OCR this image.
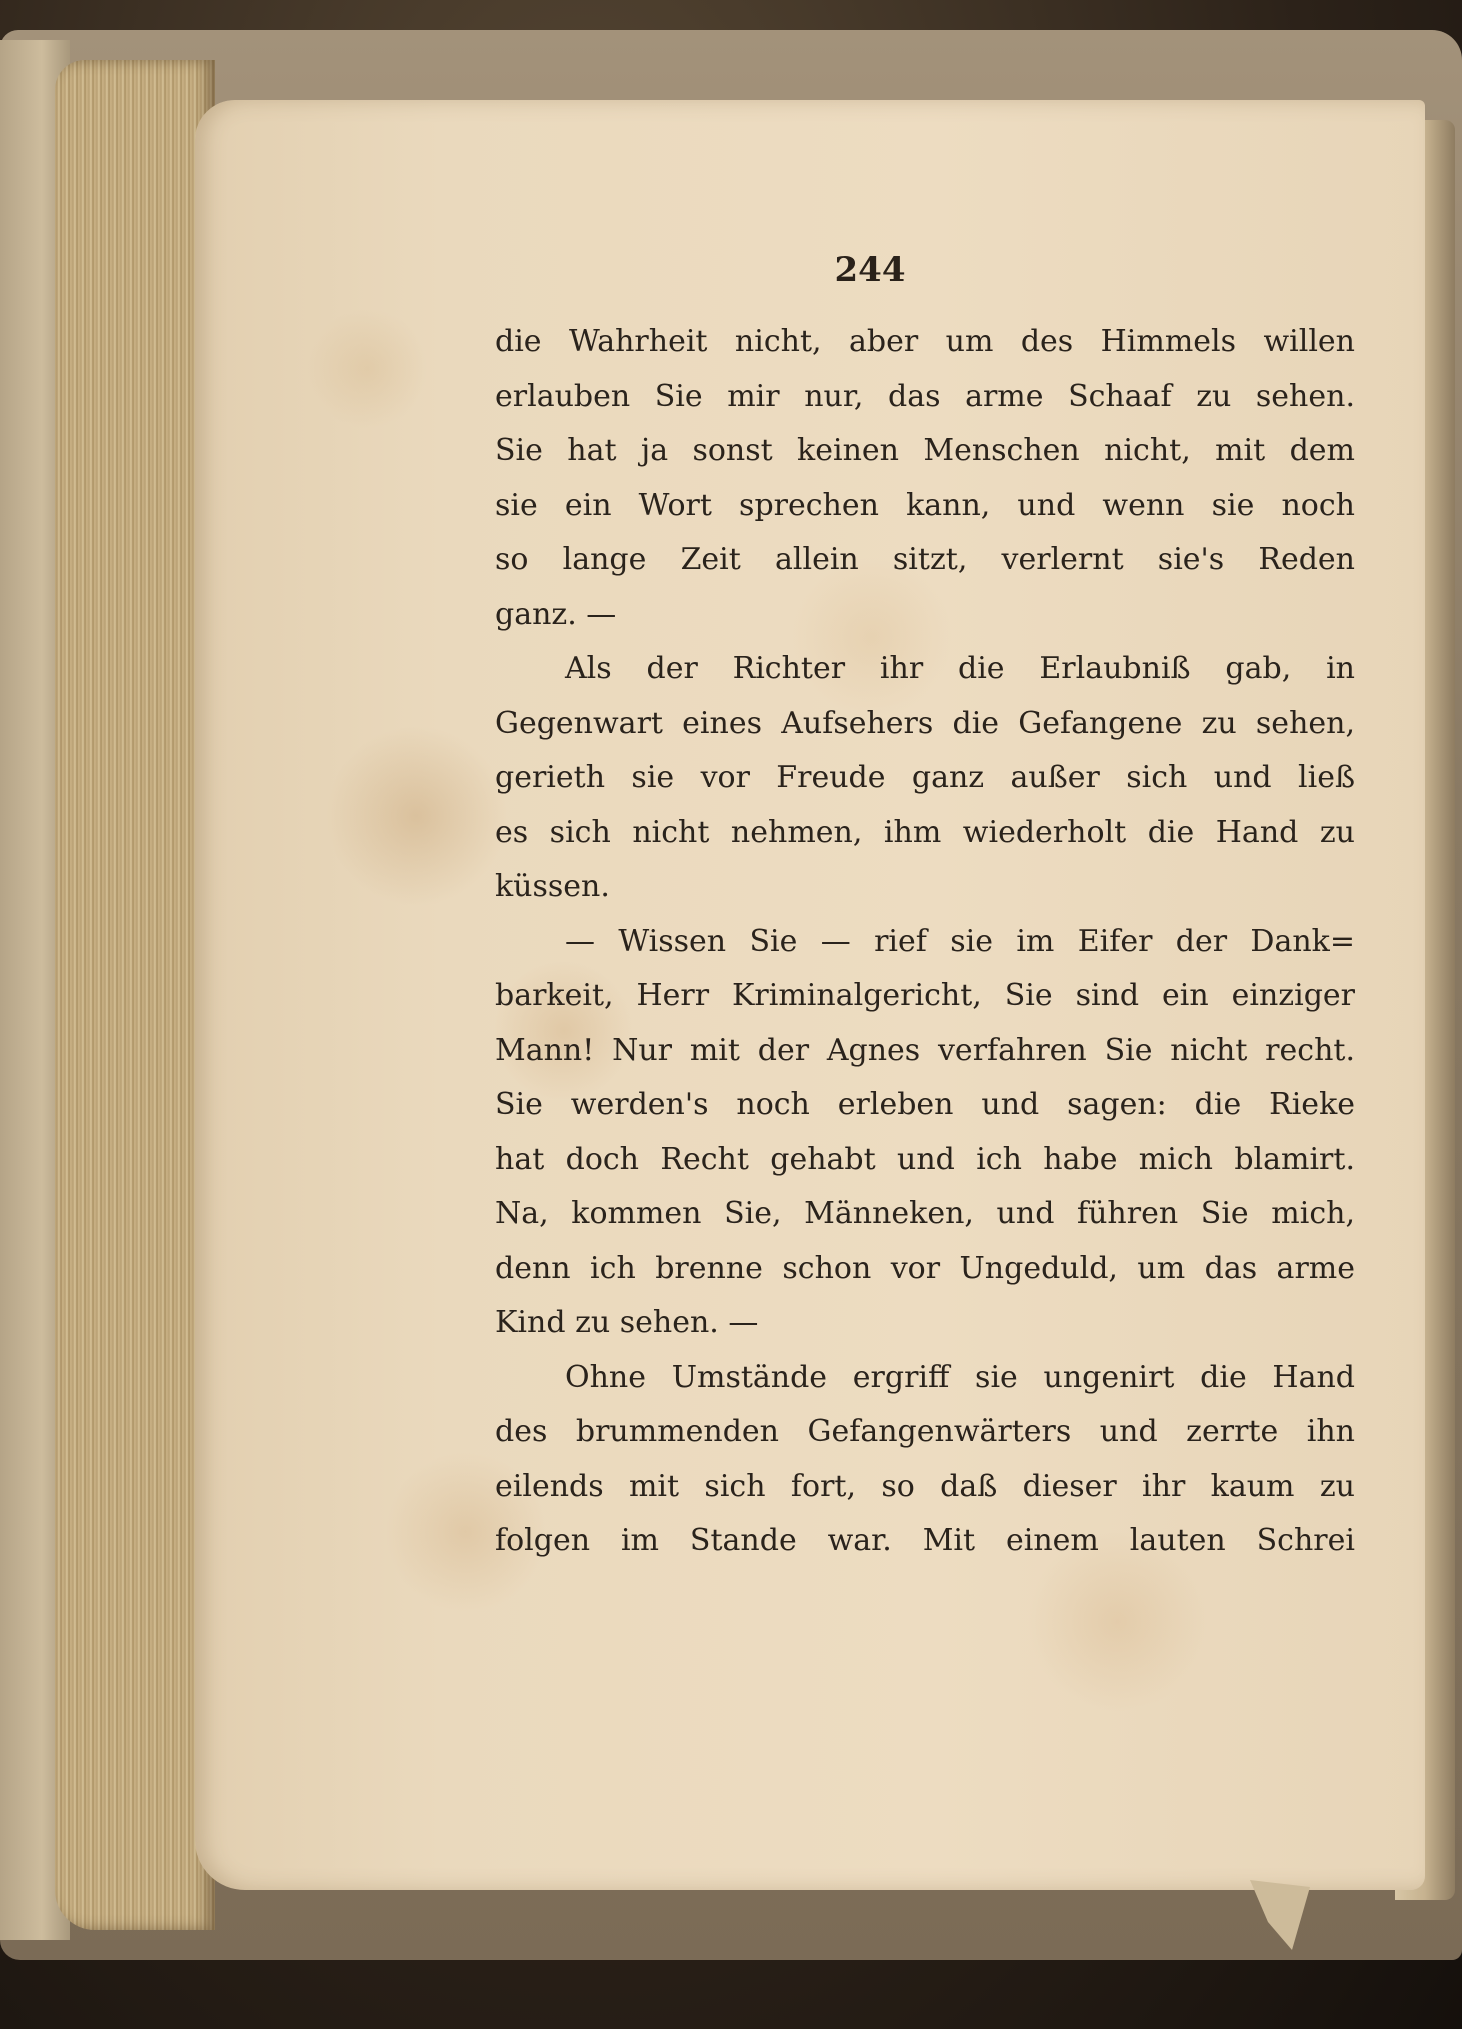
244
die Wahrheit nicht, aber um des Himmels willen
erlauben Sie mir nur, das arme Schaaf zu sehen.
Sie hat ja sonst keinen Menschen nicht, mit dem
sie ein Wort sprechen kann, und wenn sie noch
so lange Zeit allein sitzt, verlernt sie's Reden
ganz. —
Als der Richter ihr die Erlaubniß gab, in
Gegenwart eines Aufsehers die Gefangene zu sehen,
gerieth sie vor Freude ganz außer sich und ließ
es sich nicht nehmen, ihm wiederholt die Hand zu
küssen.
— Wissen Sie — rief sie im Eifer der Dank=
barkeit, Herr Kriminalgericht, Sie sind ein einziger
Mann! Nur mit der Agnes verfahren Sie nicht recht.
Sie werden's noch erleben und sagen: die Rieke
hat doch Recht gehabt und ich habe mich blamirt.
Na, kommen Sie, Männeken, und führen Sie mich,
denn ich brenne schon vor Ungeduld, um das arme
Kind zu sehen. —
Ohne Umstände ergriff sie ungenirt die Hand
des brummenden Gefangenwärters und zerrte ihn
eilends mit sich fort, so daß dieser ihr kaum zu
folgen im Stande war. Mit einem lauten Schrei
